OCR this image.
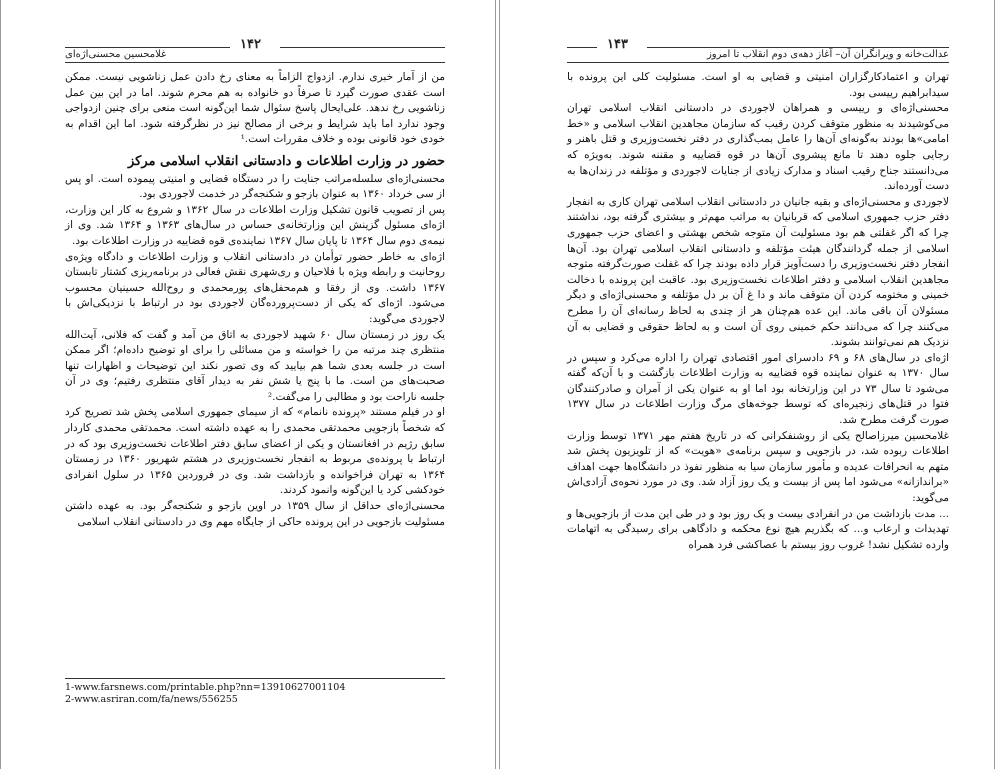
۱۴۲
غلامحسین محسنی‌اژه‌ای

من از آمار خبری ندارم. ازدواج الزاماً به معنای رخ دادن عمل زناشویی نیست. ممکن است عقدی صورت گیرد تا صرفاً دو خانواده به هم محرم شوند. اما در این بین عمل زناشویی رخ ندهد. علی‌ایحال پاسخ سئوال شما این‌گونه است منعی برای چنین ازدواجی وجود ندارد اما باید شرایط و برخی از مصالح نیز در نظرگرفته شود. اما این اقدام به خودی خود قانونی بوده و خلاف مقررات است.¹

حضور در وزارت اطلاعات و دادستانی انقلاب اسلامی مرکز

محسنی‌اژه‌ای سلسله‌مراتب جنایت را در دستگاه قضایی و امنیتی پیموده است. او پس از سی خرداد ۱۳۶۰ به عنوان بازجو و شکنجه‌گر در خدمت لاجوردی بود.

پس از تصویب قانون تشکیل وزارت اطلاعات در سال ۱۳۶۲ و شروع به کار این وزارت، اژه‌ای مسئول گزینش این وزارتخانه‌ی حساس در سال‌های ۱۳۶۳ و ۱۳۶۴ شد. وی از نیمه‌ی دوم سال ۱۳۶۴ تا پایان سال ۱۳۶۷ نماینده‌ی قوه قضاییه در وزارت اطلاعات بود.

اژه‌ای به خاطر حضور توأمان در دادستانی انقلاب و وزارت اطلاعات و دادگاه ویژه‌ی روحانیت و رابطه ویژه با فلاحیان و ری‌شهری نقش فعالی در برنامه‌ریزی کشتار تابستان ۱۳۶۷ داشت. وی از رفقا و هم‌محفل‌های پورمحمدی و روح‌الله حسینیان محسوب می‌شود. اژه‌ای که یکی از دست‌پرورده‌گان لاجوردی بود در ارتباط با نزدیکی‌اش با لاجوردی می‌گوید:

یک روز در زمستان سال ۶۰ شهید لاجوردی به اتاق من آمد و گفت که فلانی، آیت‌الله منتظری چند مرتبه من را خواسته و من مسائلی را برای او توضیح داده‌ام؛ اگر ممکن است در جلسه بعدی شما هم بیایید که وی تصور نکند این توضیحات و اظهارات تنها صحبت‌های من است. ما با پنج یا شش نفر به دیدار آقای منتظری رفتیم؛ وی در آن جلسه ناراحت بود و مطالبی را می‌گفت.²

او در فیلم مستند «پرونده نانمام» که از سیمای جمهوری اسلامی پخش شد تصریح کرد که شخصاً بازجویی محمدتقی محمدی را به عهده داشته است. محمدتقی محمدی کاردار سابق رژیم در افغانستان و یکی از اعضای سابق دفتر اطلاعات نخست‌وزیری بود که در ارتباط با پرونده‌ی مربوط به انفجار نخست‌وزیری در هشتم شهریور ۱۳۶۰ در زمستان ۱۳۶۴ به تهران فراخوانده و بازداشت شد. وی در فروردین ۱۳۶۵ در سلول انفرادی خودکشی کرد یا این‌گونه وانمود کردند.

محسنی‌اژه‌ای حداقل از سال ۱۳۵۹ در اوین بازجو و شکنجه‌گر بود. به عهده داشتن مسئولیت بازجویی در این پرونده حاکی از جایگاه مهم وی در دادستانی انقلاب اسلامی

1-www.farsnews.com/printable.php?nn=13910627001104
2-www.asriran.com/fa/news/556255
۱۴۳
عدالت‌خانه و ویرانگران آن– آغاز دهه‌ی دوم انقلاب تا امروز

تهران و اعتمادکارگزاران امنیتی و قضایی به او است. مسئولیت کلی این پرونده با سیدابراهیم رییسی بود.

محسنی‌اژه‌ای و رییسی و همراهان لاجوردی در دادستانی انقلاب اسلامی تهران می‌کوشیدند به منظور متوقف کردن رقیب که سازمان مجاهدین انقلاب اسلامی و «خط امامی»ها بودند به‌گونه‌ای آن‌ها را عامل بمب‌گذاری در دفتر نخست‌وزیری و قتل باهنر و رجایی جلوه دهند تا مانع پیشروی آن‌ها در قوه قضاییه و مقننه شوند. به‌ویژه که می‌دانستند جناح رقیب اسناد و مدارک زیادی از جنایات لاجوردی و مؤتلفه در زندان‌ها به دست آورده‌اند.

لاجوردی و محسنی‌اژه‌ای و بقیه جانیان در دادستانی انقلاب اسلامی تهران کاری به انفجار دفتر حزب جمهوری اسلامی که قربانیان به مراتب مهم‌تر و بیشتری گرفته بود، نداشتند چرا که اگر غفلتی هم بود مسئولیت آن متوجه شخص بهشتی و اعضای حزب جمهوری اسلامی از جمله گردانندگان هیئت مؤتلفه و دادستانی انقلاب اسلامی تهران بود. آن‌ها انفجار دفتر نخست‌وزیری را دست‌آویز قرار داده بودند چرا که غفلت صورت‌گرفته متوجه مجاهدین انقلاب اسلامی و دفتر اطلاعات نخست‌وزیری بود. عاقبت این پرونده با دخالت خمینی و مختومه کردن آن متوقف ماند و دا غ آن بر دل مؤتلفه و محسنی‌اژه‌ای و دیگر مسئولان آن باقی ماند. این عده هم‌چنان هر از چندی به لحاظ رسانه‌ای آن را مطرح می‌کنند چرا که می‌دانند حکم خمینی روی آن است و به لحاظ حقوقی و قضایی به آن نزدیک هم نمی‌توانند بشوند.

اژه‌ای در سال‌های ۶۸ و ۶۹ دادسرای امور اقتصادی تهران را اداره می‌کرد و سپس در سال ۱۳۷۰ به عنوان نماینده قوه قضاییه به وزارت اطلاعات بازگشت و با آن‌که گفته می‌شود تا سال ۷۳ در این وزارتخانه بود اما او به عنوان یکی از آمران و صادرکنندگان فتوا در قتل‌های زنجیره‌ای که توسط جوخه‌های مرگ وزارت اطلاعات در سال ۱۳۷۷ صورت گرفت مطرح شد.

غلامحسین میرزاصالح یکی از روشنفکرانی که در تاریخ هفتم مهر ۱۳۷۱ توسط وزارت اطلاعات ربوده شد، در بازجویی و سپس برنامه‌ی «هویت» که از تلویزیون پخش شد متهم به انحرافات عدیده و مأمور سازمان سیا به منظور نفوذ در دانشگاه‌ها جهت اهداف «براندازانه» می‌شود اما پس از بیست و یک روز آزاد شد. وی در مورد نحوه‌ی آزادی‌اش می‌گوید:

... مدت بازداشت من در انفرادی بیست و یک روز بود و در طی این مدت از بازجویی‌ها و تهدیدات و ارعاب و... که بگذریم هیچ نوع محکمه و دادگاهی برای رسیدگی به اتهامات وارده تشکیل نشد! غروب روز بیستم با عصاکشی فرد همراه
